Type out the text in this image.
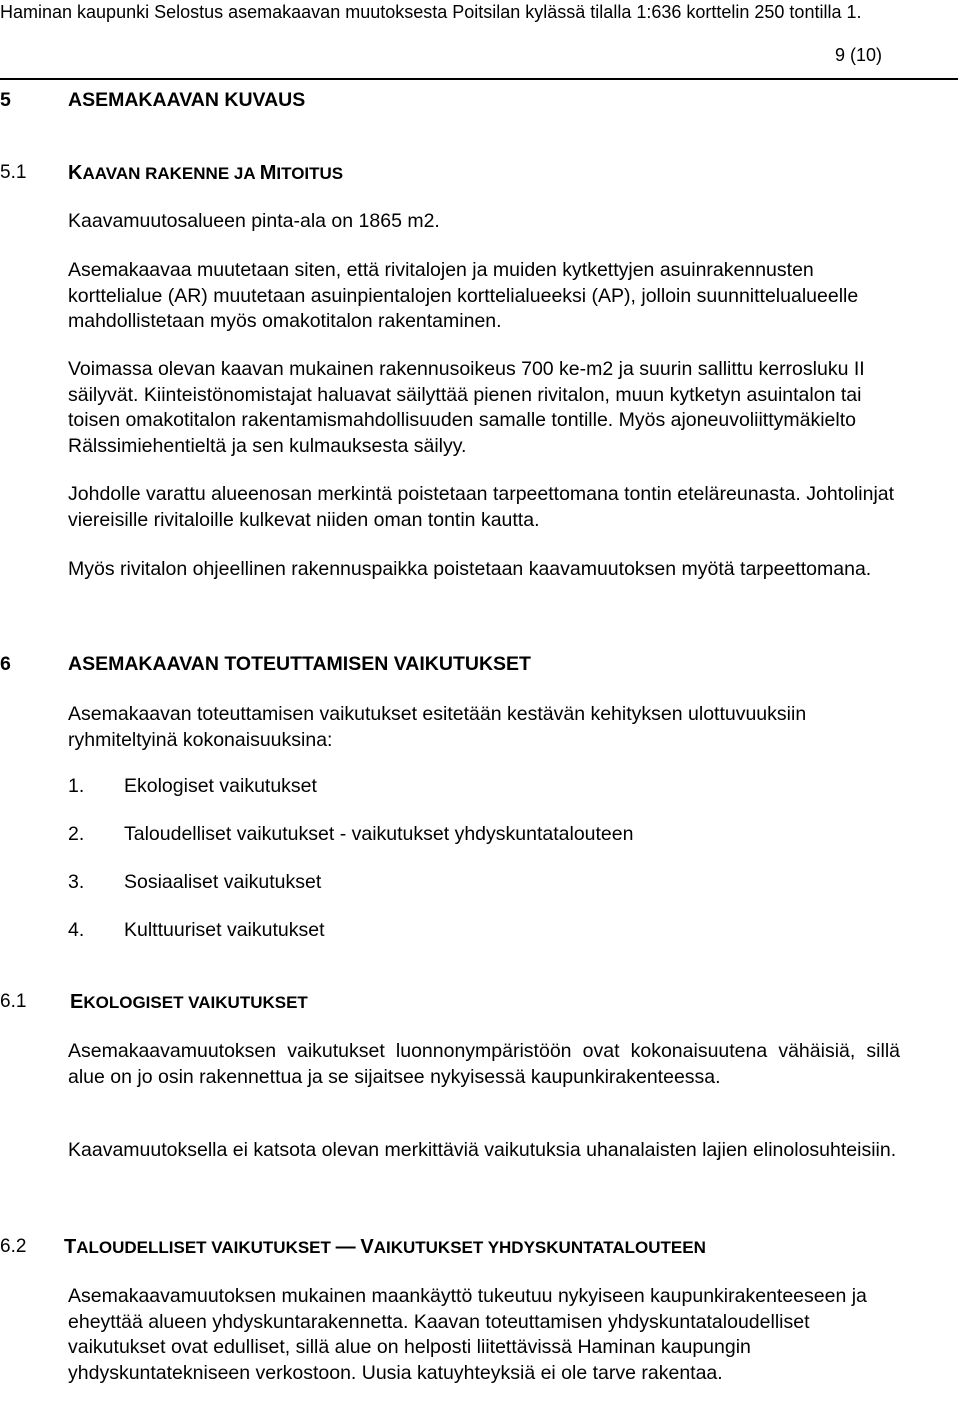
Haminan kaupunki Selostus asemakaavan muutoksesta Poitsilan kylässä tilalla 1:636 korttelin 250 tontilla 1.
9 (10)
5	ASEMAKAAVAN KUVAUS
5.1 KAAVAN RAKENNE JA MITOITUS

Kaavamuutosalueen pinta-ala on 1865 m2.

Asemakaavaa muutetaan siten, että rivitalojen ja muiden kytkettyjen asuinrakennusten korttelialue (AR) muutetaan asuinpientalojen korttelialueeksi (AP), jolloin suunnittelualueelle mahdollistetaan myös omakotitalon rakentaminen.

Voimassa olevan kaavan mukainen rakennusoikeus 700 ke-m2 ja suurin sallittu kerrosluku II säilyvät. Kiinteistönomistajat haluavat säilyttää pienen rivitalon, muun kytketyn asuintalon tai toisen omakotitalon rakentamismahdollisuuden samalle tontille. Myös ajoneuvoliittymäkielto Rälssimiehentieltä ja sen kulmauksesta säilyy.

Johdolle varattu alueenosan merkintä poistetaan tarpeettomana tontin eteläreunasta. Johtolinjat viereisille rivitaloille kulkevat niiden oman tontin kautta.

Myös rivitalon ohjeellinen rakennuspaikka poistetaan kaavamuutoksen myötä tarpeettomana.

6	ASEMAKAAVAN TOTEUTTAMISEN VAIKUTUKSET

Asemakaavan toteuttamisen vaikutukset esitetään kestävän kehityksen ulottuvuuksiin ryhmiteltyinä kokonaisuuksina:

1. Ekologiset vaikutukset
2. Taloudelliset vaikutukset - vaikutukset yhdyskuntatalouteen
3. Sosiaaliset vaikutukset
4. Kulttuuriset vaikutukset
6.1 EKOLOGISET VAIKUTUKSET

Asemakaavamuutoksen vaikutukset luonnonympäristöön ovat kokonaisuutena vähäisiä, sillä alue on jo osin rakennettua ja se sijaitsee nykyisessä kaupunkirakenteessa.

Kaavamuutoksella ei katsota olevan merkittäviä vaikutuksia uhanalaisten lajien elinolosuhteisiin.

6.2 TALOUDELLISET VAIKUTUKSET — VAIKUTUKSET YHDYSKUNTATALOUTEEN

Asemakaavamuutoksen mukainen maankäyttö tukeutuu nykyiseen kaupunkirakenteeseen ja eheyttää alueen yhdyskuntarakennetta. Kaavan toteuttamisen yhdyskuntataloudelliset vaikutukset ovat edulliset, sillä alue on helposti liitettävissä Haminan kaupungin yhdyskuntatekniseen verkostoon. Uusia katuyhteyksiä ei ole tarve rakentaa.
